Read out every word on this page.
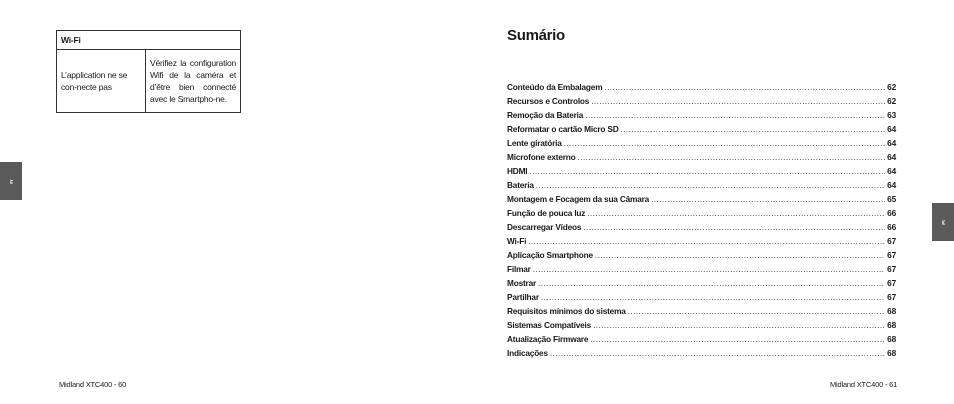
Wi-Fi
L’application ne se con-necte pas	Vérifiez la configuration Wifi de la caméra et d’être bien connecté avec le Smartpho-ne.
Fr
Midland XTC400 - 60
Sumário
Conteúdo da Embalagem .....	62
Recursos e Controlos .....	62
Remoção da Bateria .....	63
Reformatar o cartão Micro SD .....	64
Lente giratória .....	64
Microfone externo .....	64
HDMI .....	64
Bateria .....	64
Montagem e Focagem da sua Câmara .....	65
Função de pouca luz .....	66
Descarregar Vídeos .....	66
Wi-Fi .....	67
Aplicação Smartphone .....	67
Filmar .....	67
Mostrar .....	67
Partilhar .....	67
Requisitos mínimos do sistema .....	68
Sistemas Compatíveis .....	68
Atualização Firmware .....	68
Indicações .....	68
Pt
Midland XTC400 - 61
